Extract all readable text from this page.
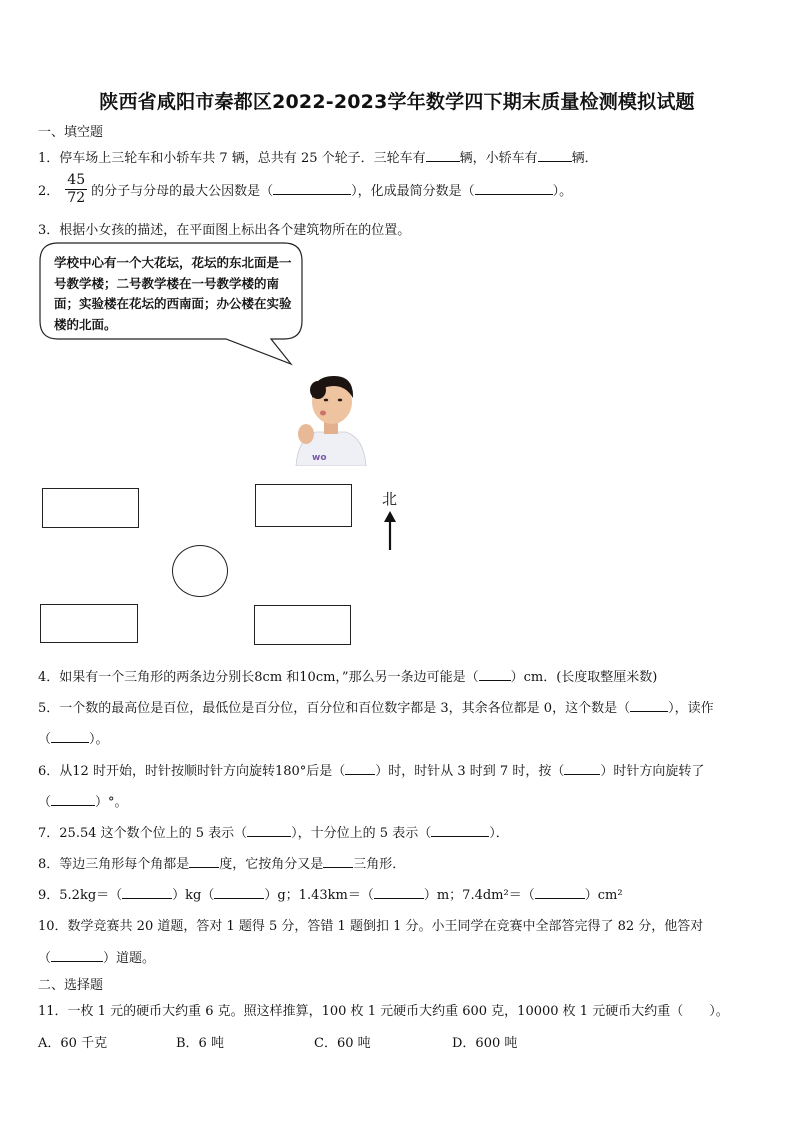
陕西省咸阳市秦都区2022-2023学年数学四下期末质量检测模拟试题
一、填空题
1．停车场上三轮车和小轿车共 7 辆，总共有 25 个轮子．三轮车有	辆，小轿车有	辆．
2． $\frac{45}{72}$ 的分子与分母的最大公因数是（	），化成最简分数是（	）。
3．根据小女孩的描述，在平面图上标出各个建筑物所在的位置。
学校中心有一个大花坛，花坛的东北面是一号教学楼；二号教学楼在一号教学楼的南面；实验楼在花坛的西南面；办公楼在实验楼的北面。
wo
北
4．如果有一个三角形的两条边分别长8cm 和10cm，”那么另一条边可能是（ ）cm．(长度取整厘米数)
5．一个数的最高位是百位，最低位是百分位，百分位和百位数字都是 3，其余各位都是 0，这个数是（	），读作
（	）。
6．从12 时开始，时针按顺时针方向旋转180°后是（ ）时，时针从 3 时到 7 时，按（	）时针方向旋转了
（	）°。
7．25.54 这个数个位上的 5 表示（	），十分位上的 5 表示（	）．
8．等边三角形每个角都是 度，它按角分又是 三角形．
9．5.2kg＝（	）kg（	）g；1.43km＝（	）m；7.4dm²＝（	）cm²
10．数学竞赛共 20 道题，答对 1 题得 5 分，答错 1 题倒扣 1 分。小王同学在竞赛中全部答完得了 82 分，他答对
（	）道题。
二、选择题
11．一枚 1 元的硬币大约重 6 克。照这样推算，100 枚 1 元硬币大约重 600 克，10000 枚 1 元硬币大约重（　　）。
A．60 千克	B．6 吨	C．60 吨	D．600 吨
